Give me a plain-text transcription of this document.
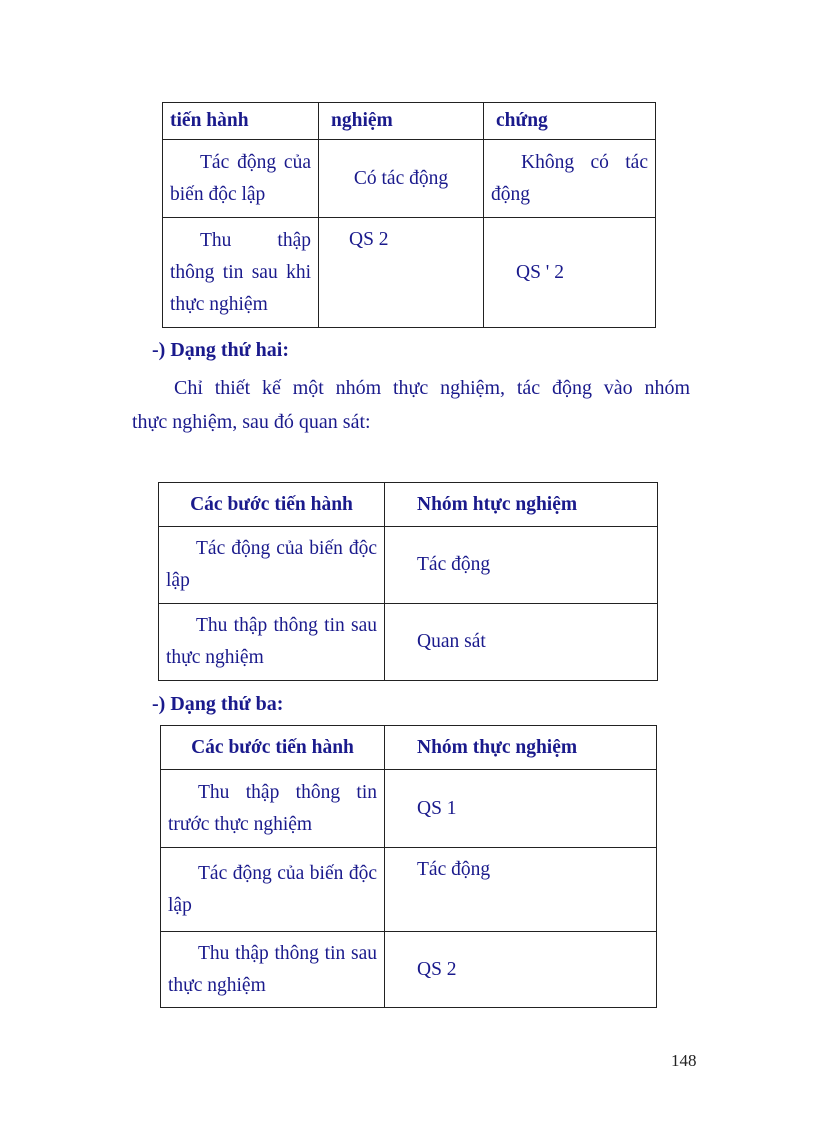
tiến hành	nghiệm	chứng
Tác động của biến độc lập	Có tác động	Không có tác động
Thu thập thông tin sau khi thực nghiệm	QS 2	QS ' 2
-) Dạng thứ hai:
Chỉ thiết kế một nhóm thực nghiệm, tác động vào nhóm
thực nghiệm, sau đó quan sát:
Các bước tiến hành	Nhóm htực nghiệm
Tác động của biến độc lập	Tác động
Thu thập thông tin sau thực nghiệm	Quan sát
-) Dạng thứ ba:
Các bước tiến hành	Nhóm thực nghiệm
Thu thập thông tin trước thực nghiệm	QS 1
Tác động của biến độc lập	Tác động
Thu thập thông tin sau thực nghiệm	QS 2
148
